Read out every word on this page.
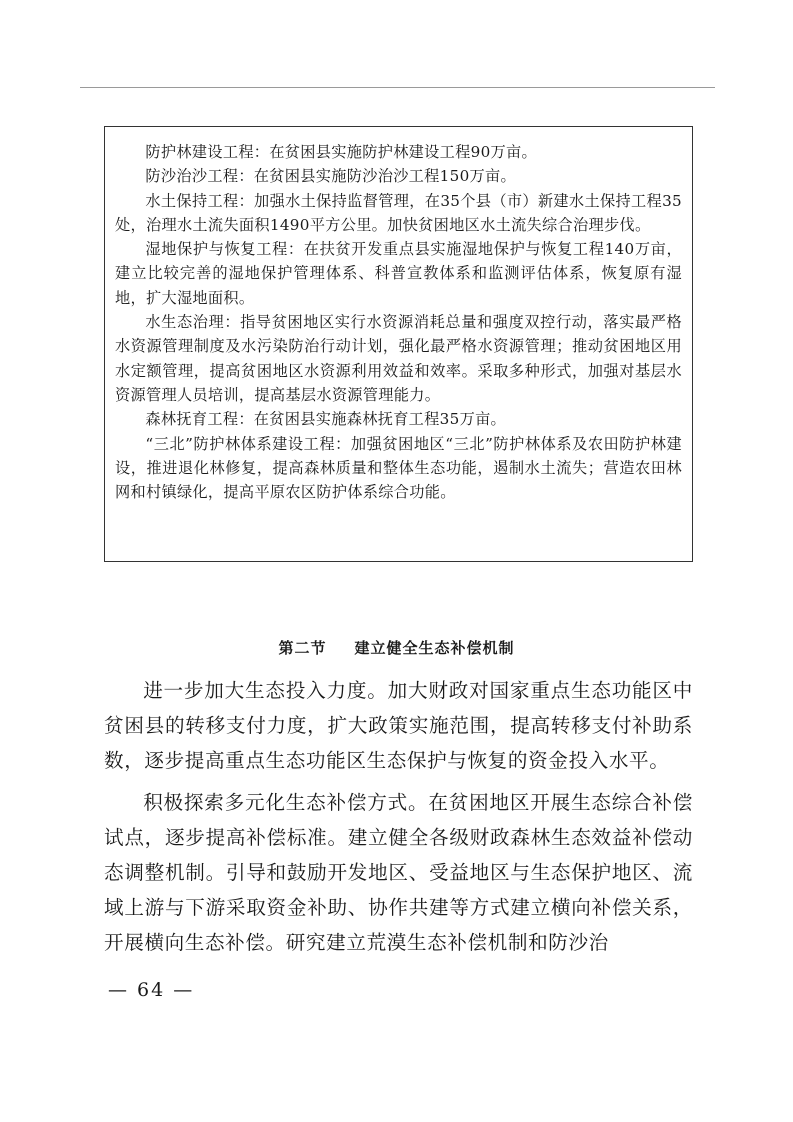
防护林建设工程：在贫困县实施防护林建设工程90万亩。

防沙治沙工程：在贫困县实施防沙治沙工程150万亩。

水土保持工程：加强水土保持监督管理，在35个县（市）新建水土保持工程35处，治理水土流失面积1490平方公里。加快贫困地区水土流失综合治理步伐。

湿地保护与恢复工程：在扶贫开发重点县实施湿地保护与恢复工程140万亩，建立比较完善的湿地保护管理体系、科普宣教体系和监测评估体系，恢复原有湿地，扩大湿地面积。

水生态治理：指导贫困地区实行水资源消耗总量和强度双控行动，落实最严格水资源管理制度及水污染防治行动计划，强化最严格水资源管理；推动贫困地区用水定额管理，提高贫困地区水资源利用效益和效率。采取多种形式，加强对基层水资源管理人员培训，提高基层水资源管理能力。

森林抚育工程：在贫困县实施森林抚育工程35万亩。

“三北”防护林体系建设工程：加强贫困地区“三北”防护林体系及农田防护林建设，推进退化林修复，提高森林质量和整体生态功能，遏制水土流失；营造农田林网和村镇绿化，提高平原农区防护体系综合功能。

第二节 建立健全生态补偿机制

进一步加大生态投入力度。加大财政对国家重点生态功能区中贫困县的转移支付力度，扩大政策实施范围，提高转移支付补助系数，逐步提高重点生态功能区生态保护与恢复的资金投入水平。

积极探索多元化生态补偿方式。在贫困地区开展生态综合补偿试点，逐步提高补偿标准。建立健全各级财政森林生态效益补偿动态调整机制。引导和鼓励开发地区、受益地区与生态保护地区、流域上游与下游采取资金补助、协作共建等方式建立横向补偿关系，开展横向生态补偿。研究建立荒漠生态补偿机制和防沙治

— 64 —
